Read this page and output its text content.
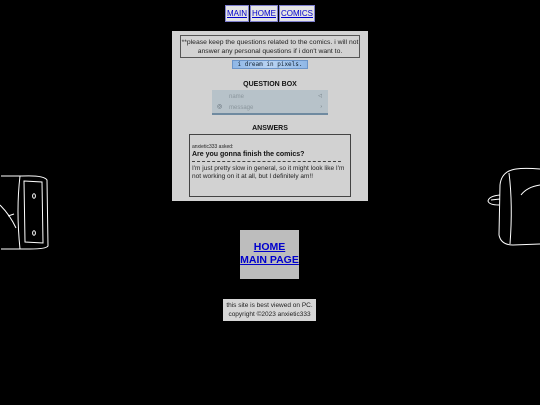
MAIN HOME COMICS
**please keep the questions related to the comics. i will not answer any personal questions if i don't want to.
i dream in pixels.
QUESTION BOX
name
◁
◎
message	›
ANSWERS
anxietic333 asked:
Are you gonna finish the comics?
I'm just pretty slow in general, so it might look like I'm not working on it at all, but I definitely am!!
HOME
MAIN PAGE
this site is best viewed on PC.
copyright ©2023 anxietic333
